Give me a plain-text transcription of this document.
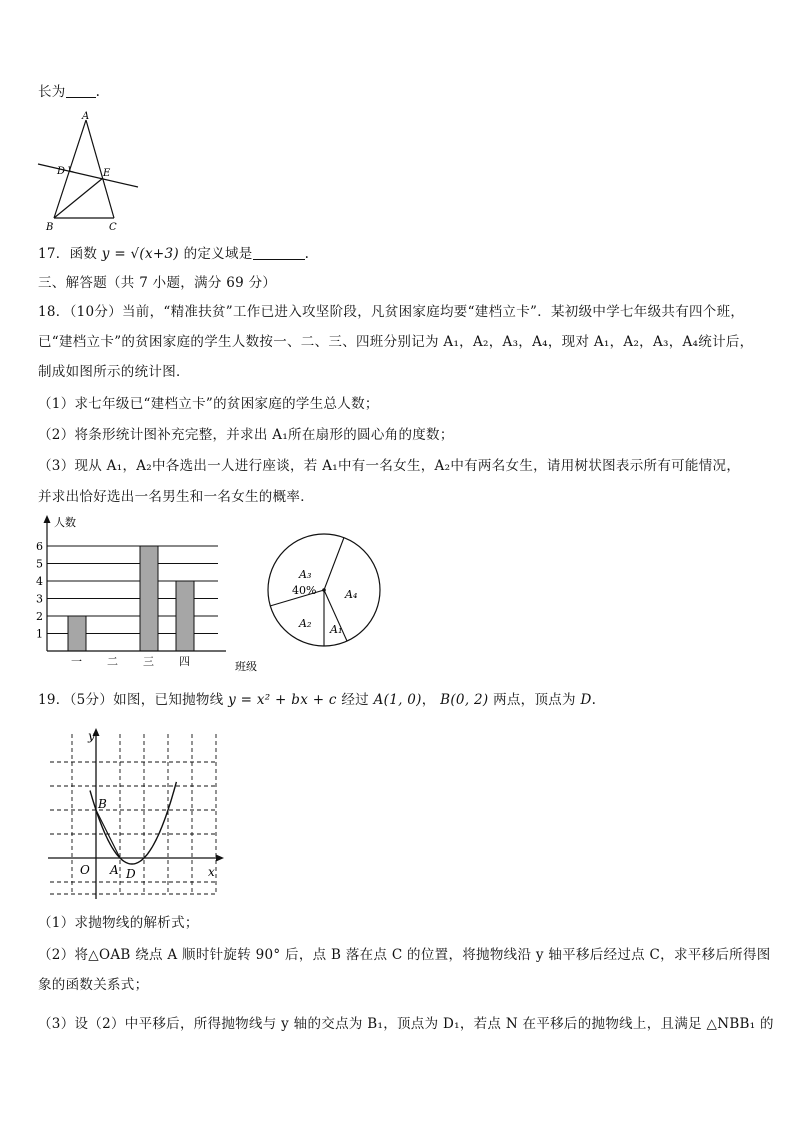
长为 .
A
B	C
D	E
17．函数 y = √(x+3) 的定义域是	.
三、解答题（共 7 小题，满分 69 分）
18．（10分）当前，“精准扶贫”工作已进入攻坚阶段，凡贫困家庭均要“建档立卡”．某初级中学七年级共有四个班，
已“建档立卡”的贫困家庭的学生人数按一、二、三、四班分别记为 A₁，A₂，A₃，A₄，现对 A₁，A₂，A₃，A₄统计后，
制成如图所示的统计图．
（1）求七年级已“建档立卡”的贫困家庭的学生总人数；
（2）将条形统计图补充完整，并求出 A₁所在扇形的圆心角的度数；
（3）现从 A₁，A₂中各选出一人进行座谈，若 A₁中有一名女生，A₂中有两名女生，请用树状图表示所有可能情况，
并求出恰好选出一名男生和一名女生的概率．
人数
班级
1
2
3
4
5
6
一 二 三 四
A₃
40%	A₄
A₁
A₂
19．（5分）如图，已知抛物线 y = x² + bx + c 经过 A(1, 0)， B(0, 2) 两点，顶点为 D.
y
x
O A
B
D
（1）求抛物线的解析式；
（2）将△OAB 绕点 A 顺时针旋转 90° 后，点 B 落在点 C 的位置，将抛物线沿 y 轴平移后经过点 C，求平移后所得图
象的函数关系式；
（3）设（2）中平移后，所得抛物线与 y 轴的交点为 B₁，顶点为 D₁，若点 N 在平移后的抛物线上，且满足 △NBB₁ 的
